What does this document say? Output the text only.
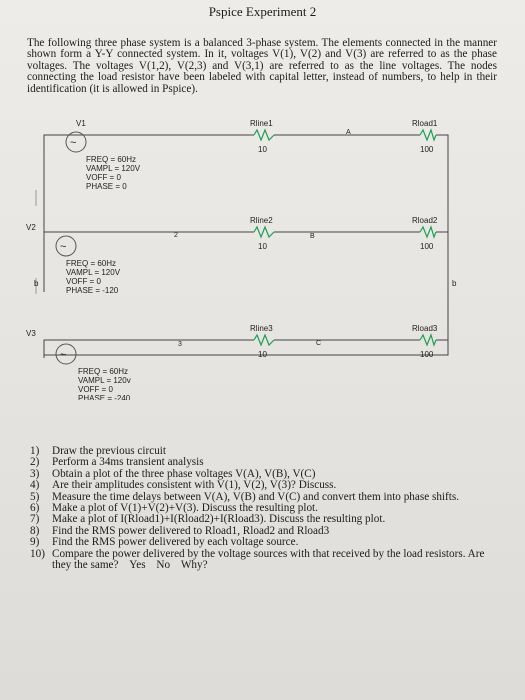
Pspice Experiment 2
The following three phase system is a balanced 3-phase system. The elements connected in the manner shown form a Y-Y connected system. In it, voltages V(1), V(2) and V(3) are referred to as the phase voltages. The voltages V(1,2), V(2,3) and V(3,1) are referred to as the line voltages. The nodes connecting the load resistor have been labeled with capital letter, instead of numbers, to help in their identification (it is allowed in Pspice).
~
~
~
V1
FREQ = 60Hz
VAMPL = 120V
VOFF = 0
PHASE = 0
V2
FREQ = 60Hz
VAMPL = 120V
VOFF = 0
PHASE = -120
V3
FREQ = 60Hz
VAMPL = 120v
VOFF = 0
PHASE = -240
Rline1
10
Rline2
10
Rline3
10
Rload1
100
Rload2
100
Rload3
100
2
3
A
B
C
b	b
1)	Draw the previous circuit
2)	Perform a 34ms transient analysis
3)	Obtain a plot of the three phase voltages V(A), V(B), V(C)
4)	Are their amplitudes consistent with V(1), V(2), V(3)? Discuss.
5)	Measure the time delays between V(A), V(B) and V(C) and convert them into phase shifts.
6)	Make a plot of V(1)+V(2)+V(3). Discuss the resulting plot.
7)	Make a plot of I(Rload1)+I(Rload2)+I(Rload3). Discuss the resulting plot.
8)	Find the RMS power delivered to Rload1, Rload2 and Rload3
9)	Find the RMS power delivered by each voltage source.
10) Compare the power delivered by the voltage sources with that received by the load resistors. Are they the same? Yes No Why?
